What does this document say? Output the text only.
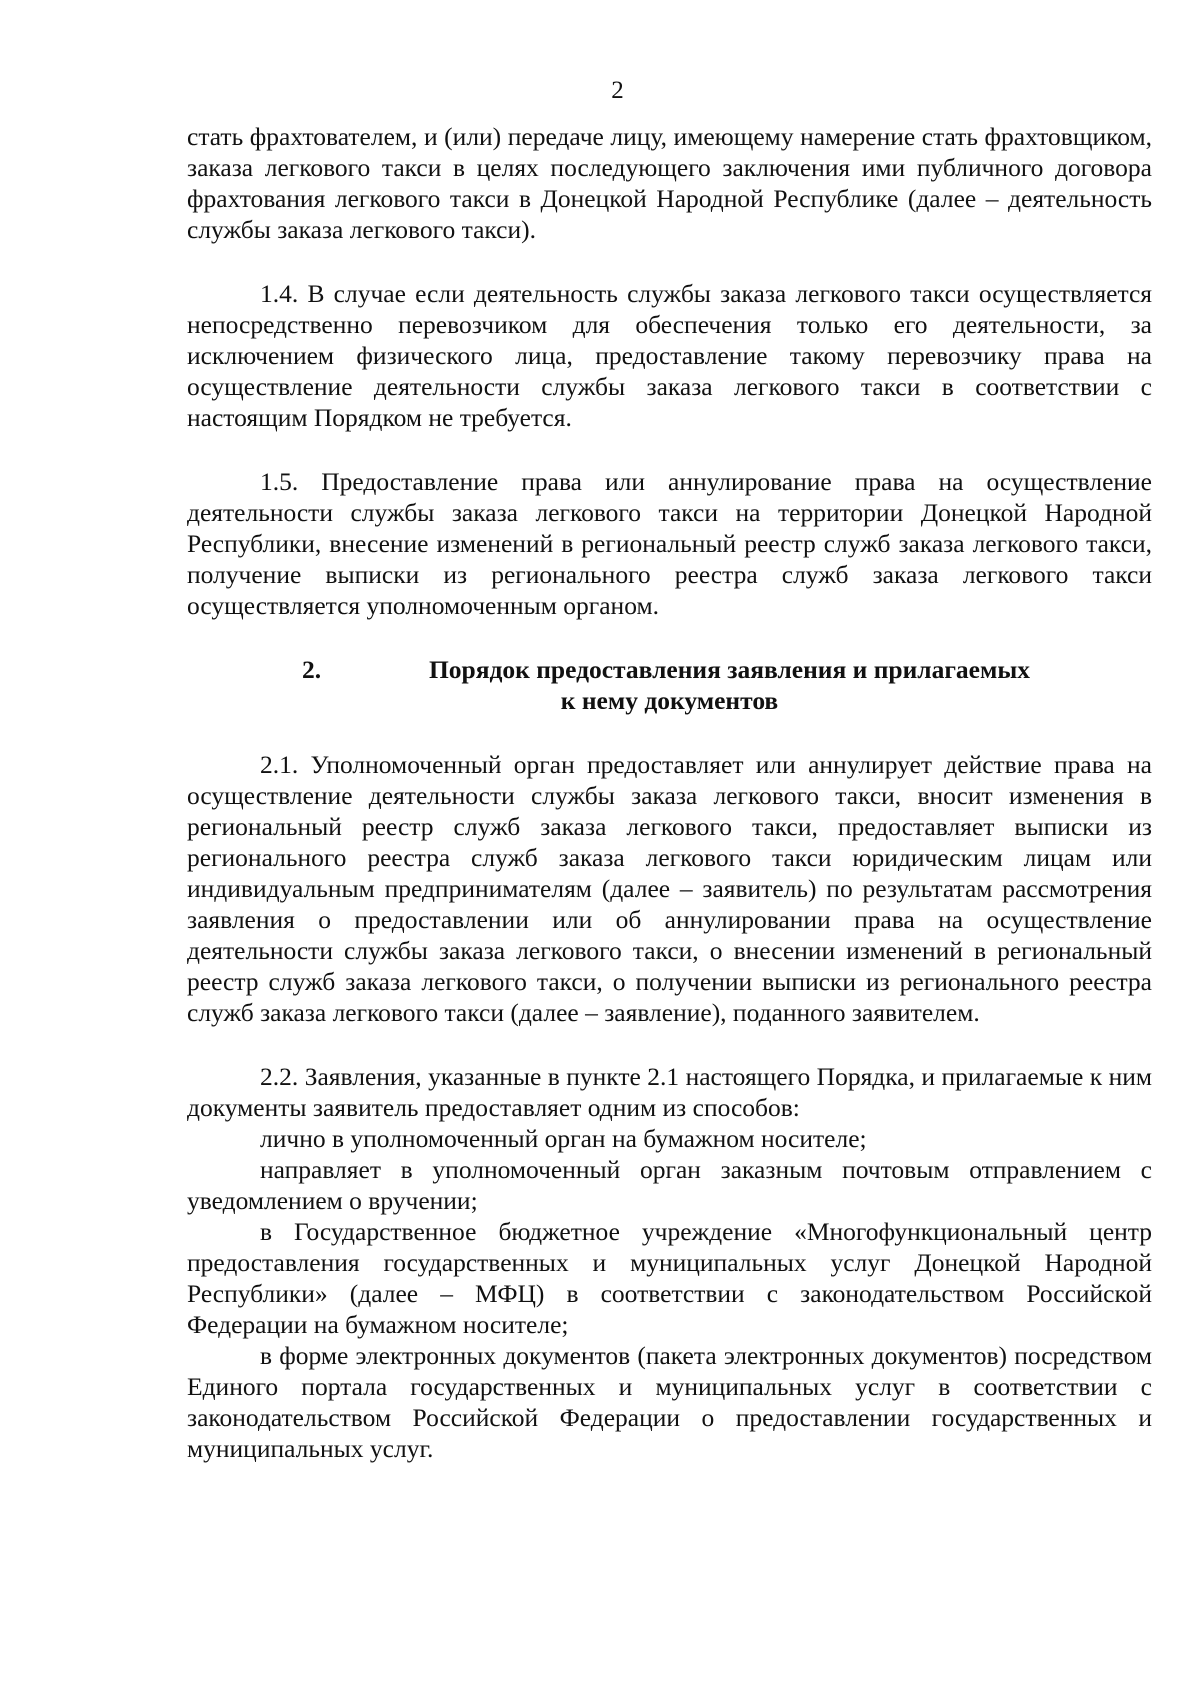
2

стать фрахтователем, и (или) передаче лицу, имеющему намерение стать фрахтовщиком, заказа легкового такси в целях последующего заключения ими публичного договора фрахтования легкового такси в Донецкой Народной Республике (далее – деятельность службы заказа легкового такси).

1.4. В случае если деятельность службы заказа легкового такси осуществляется непосредственно перевозчиком для обеспечения только его деятельности, за исключением физического лица, предоставление такому перевозчику права на осуществление деятельности службы заказа легкового такси в соответствии с настоящим Порядком не требуется.

1.5. Предоставление права или аннулирование права на осуществление деятельности службы заказа легкового такси на территории Донецкой Народной Республики, внесение изменений в региональный реестр служб заказа легкового такси, получение выписки из регионального реестра служб заказа легкового такси осуществляется уполномоченным органом.

2.	Порядок предоставления заявления и прилагаемых
к нему документов

2.1. Уполномоченный орган предоставляет или аннулирует действие права на осуществление деятельности службы заказа легкового такси, вносит изменения в региональный реестр служб заказа легкового такси, предоставляет выписки из регионального реестра служб заказа легкового такси юридическим лицам или индивидуальным предпринимателям (далее – заявитель) по результатам рассмотрения заявления о предоставлении или об аннулировании права на осуществление деятельности службы заказа легкового такси, о внесении изменений в региональный реестр служб заказа легкового такси, о получении выписки из регионального реестра служб заказа легкового такси (далее – заявление), поданного заявителем.

2.2. Заявления, указанные в пункте 2.1 настоящего Порядка, и прилагаемые к ним документы заявитель предоставляет одним из способов:

лично в уполномоченный орган на бумажном носителе;

направляет в уполномоченный орган заказным почтовым отправлением с уведомлением о вручении;

в Государственное бюджетное учреждение «Многофункциональный центр предоставления государственных и муниципальных услуг Донецкой Народной Республики» (далее – МФЦ) в соответствии с законодательством Российской Федерации на бумажном носителе;

в форме электронных документов (пакета электронных документов) посредством Единого портала государственных и муниципальных услуг в соответствии с законодательством Российской Федерации о предоставлении государственных и муниципальных услуг.
